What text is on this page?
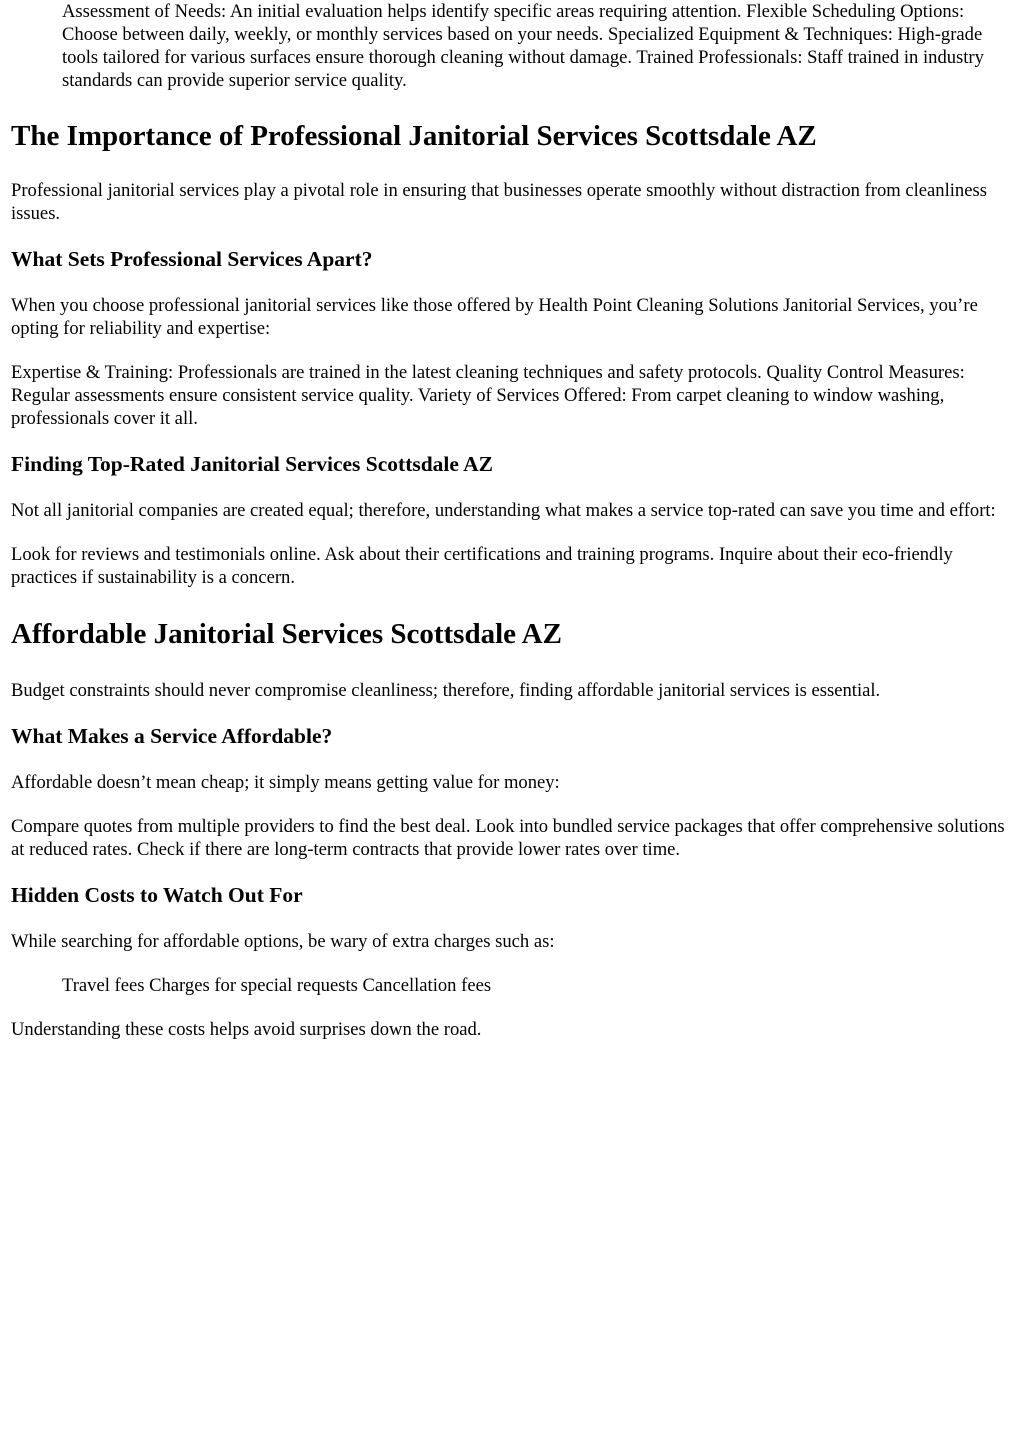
Assessment of Needs: An initial evaluation helps identify specific areas requiring attention. Flexible Scheduling Options: Choose between daily, weekly, or monthly services based on your needs. Specialized Equipment & Techniques: High-grade tools tailored for various surfaces ensure thorough cleaning without damage. Trained Professionals: Staff trained in industry standards can provide superior service quality.

The Importance of Professional Janitorial Services Scottsdale AZ

Professional janitorial services play a pivotal role in ensuring that businesses operate smoothly without distraction from cleanliness issues.

What Sets Professional Services Apart?

When you choose professional janitorial services like those offered by Health Point Cleaning Solutions Janitorial Services, you’re opting for reliability and expertise:

Expertise & Training: Professionals are trained in the latest cleaning techniques and safety protocols. Quality Control Measures: Regular assessments ensure consistent service quality. Variety of Services Offered: From carpet cleaning to window washing, professionals cover it all.

Finding Top-Rated Janitorial Services Scottsdale AZ

Not all janitorial companies are created equal; therefore, understanding what makes a service top-rated can save you time and effort:

Look for reviews and testimonials online. Ask about their certifications and training programs. Inquire about their eco-friendly practices if sustainability is a concern.

Affordable Janitorial Services Scottsdale AZ

Budget constraints should never compromise cleanliness; therefore, finding affordable janitorial services is essential.

What Makes a Service Affordable?

Affordable doesn’t mean cheap; it simply means getting value for money:

Compare quotes from multiple providers to find the best deal. Look into bundled service packages that offer comprehensive solutions at reduced rates. Check if there are long-term contracts that provide lower rates over time.

Hidden Costs to Watch Out For

While searching for affordable options, be wary of extra charges such as:

Travel fees Charges for special requests Cancellation fees

Understanding these costs helps avoid surprises down the road.
